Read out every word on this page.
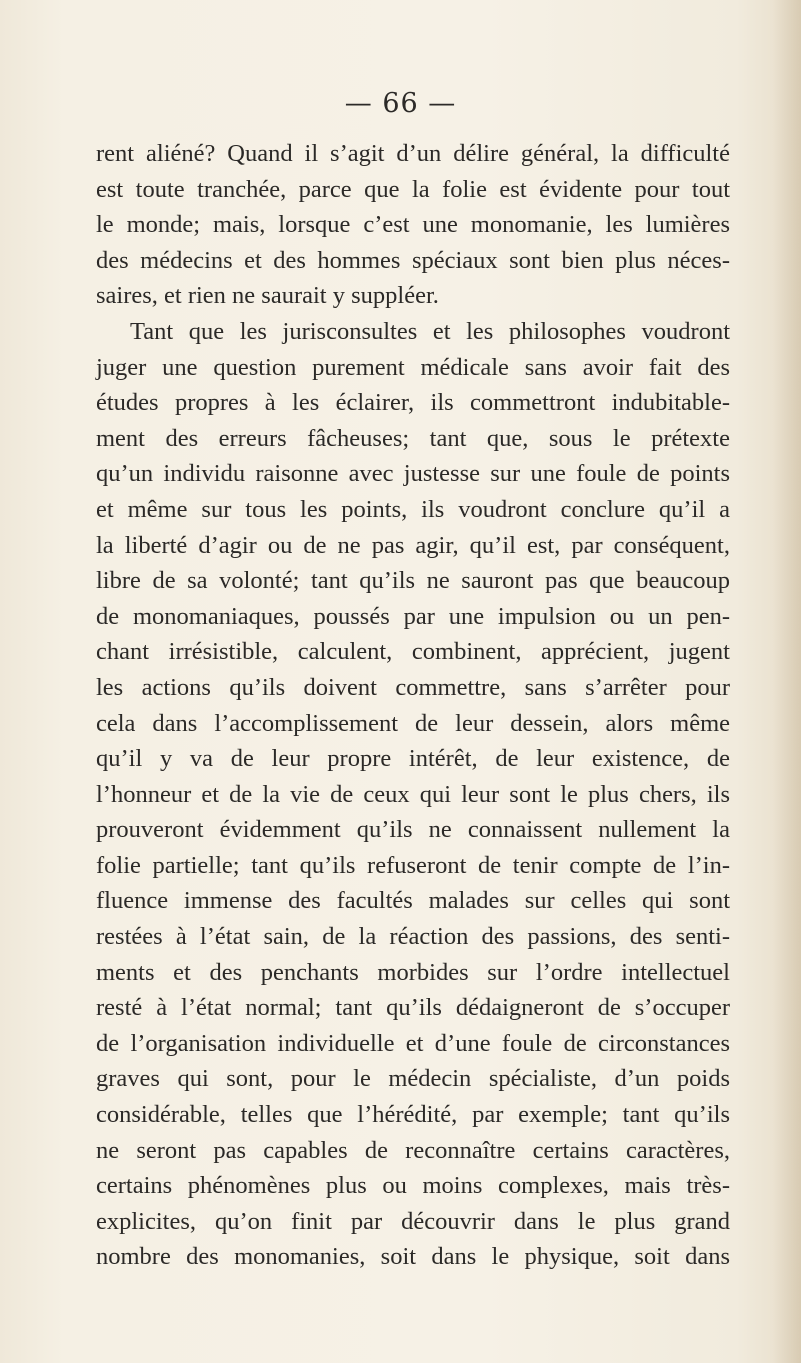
— 66 —
rent aliéné? Quand il s’agit d’un délire général, la difficulté
est toute tranchée, parce que la folie est évidente pour tout
le monde; mais, lorsque c’est une monomanie, les lumières
des médecins et des hommes spéciaux sont bien plus néces-
saires, et rien ne saurait y suppléer.
Tant que les jurisconsultes et les philosophes voudront
juger une question purement médicale sans avoir fait des
études propres à les éclairer, ils commettront indubitable-
ment des erreurs fâcheuses; tant que, sous le prétexte
qu’un individu raisonne avec justesse sur une foule de points
et même sur tous les points, ils voudront conclure qu’il a
la liberté d’agir ou de ne pas agir, qu’il est, par conséquent,
libre de sa volonté; tant qu’ils ne sauront pas que beaucoup
de monomaniaques, poussés par une impulsion ou un pen-
chant irrésistible, calculent, combinent, apprécient, jugent
les actions qu’ils doivent commettre, sans s’arrêter pour
cela dans l’accomplissement de leur dessein, alors même
qu’il y va de leur propre intérêt, de leur existence, de
l’honneur et de la vie de ceux qui leur sont le plus chers, ils
prouveront évidemment qu’ils ne connaissent nullement la
folie partielle; tant qu’ils refuseront de tenir compte de l’in-
fluence immense des facultés malades sur celles qui sont
restées à l’état sain, de la réaction des passions, des senti-
ments et des penchants morbides sur l’ordre intellectuel
resté à l’état normal; tant qu’ils dédaigneront de s’occuper
de l’organisation individuelle et d’une foule de circonstances
graves qui sont, pour le médecin spécialiste, d’un poids
considérable, telles que l’hérédité, par exemple; tant qu’ils
ne seront pas capables de reconnaître certains caractères,
certains phénomènes plus ou moins complexes, mais très-
explicites, qu’on finit par découvrir dans le plus grand
nombre des monomanies, soit dans le physique, soit dans
